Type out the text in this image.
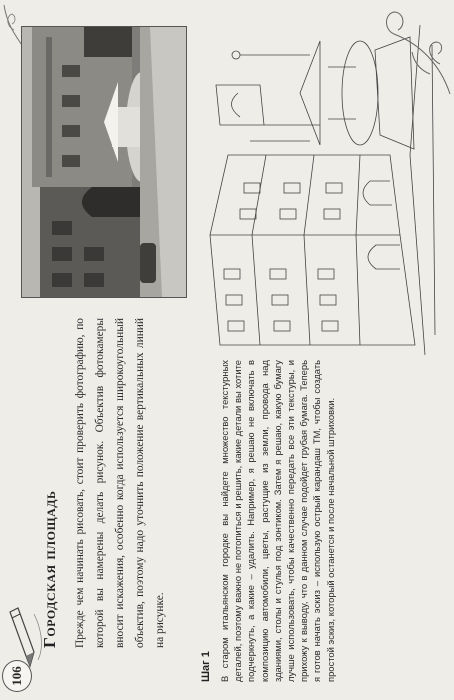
106
Городская площадь	Прежде чем начинать рисовать, стоит проверить фотографию, по которой вы намерены делать рисунок. Объектив фотокамеры вносит искажения, особенно когда используется широкоугольный объектив, поэтому надо уточнить положение вертикальных линий на рисунке.
Шаг 1 В старом итальянском городке вы найдете множество текстурных деталей, поэтому важно не потопиться и решить, какие детали вы хотите подчеркнуть, а какие – удалить. Например, я решаю не включать в композицию автомобили, цветы, растущие из земли, провода над зданиями, столы и стулья под зонтиком. Затем я решаю, какую бумагу лучше использовать, чтобы качественно передать все эти текстуры, и прихожу к выводу, что в данном случае подойдет грубая бумага. Теперь я готов начать эскиз – использую острый карандаш ТМ, чтобы создать простой эскиз, который останется и после начальной штриховки.
